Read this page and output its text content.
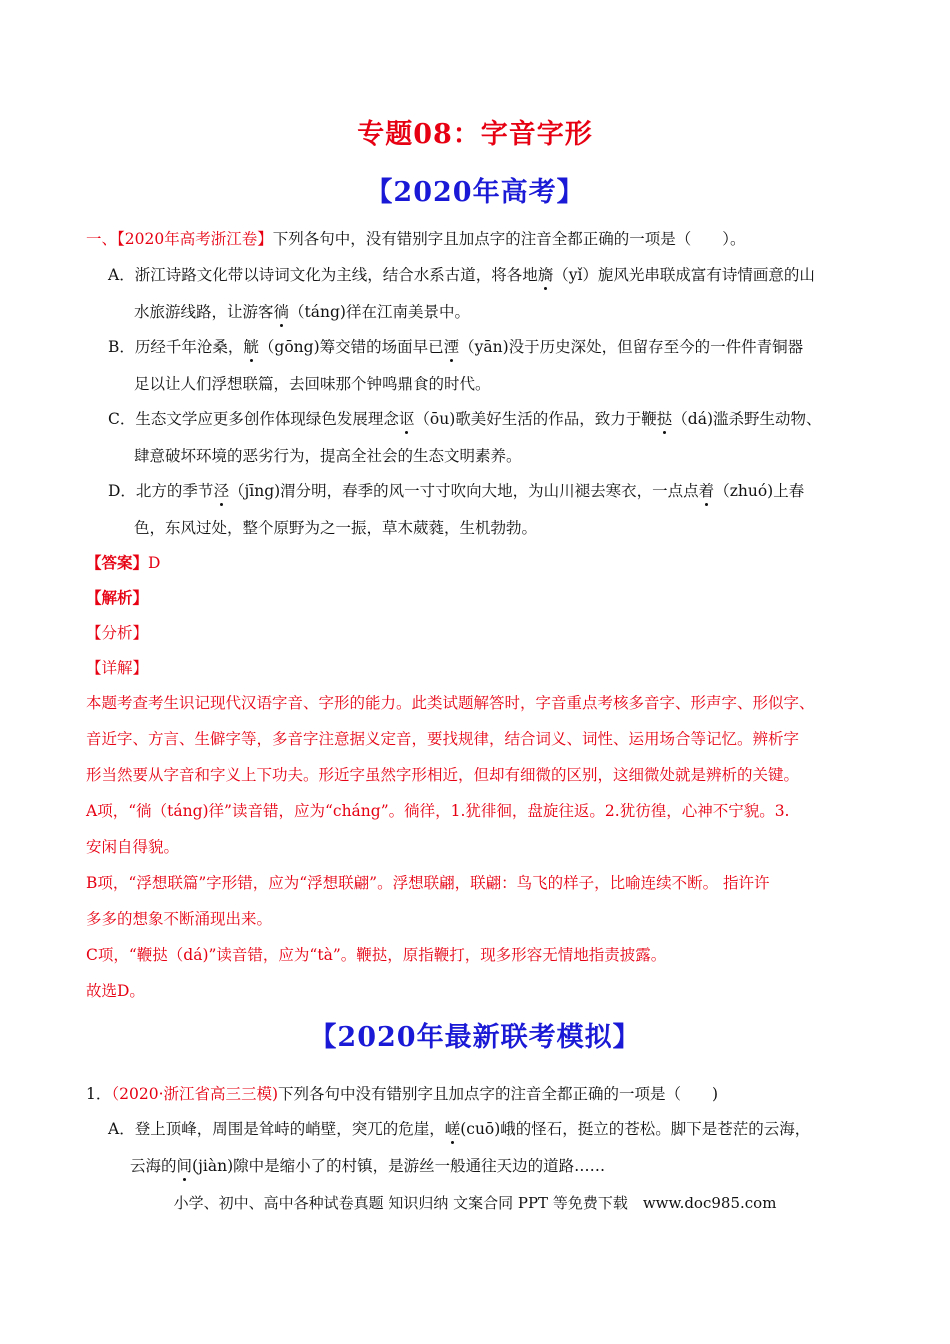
专题08：字音字形
【2020年高考】
一、【2020年高考浙江卷】下列各句中，没有错别字且加点字的注音全都正确的一项是（　　）。
A．浙江诗路文化带以诗词文化为主线，结合水系古道，将各地旖（yǐ）旎风光串联成富有诗情画意的山
水旅游线路，让游客徜（táng)徉在江南美景中。
B．历经千年沧桑，觥（gōng)筹交错的场面早已湮（yān)没于历史深处，但留存至今的一件件青铜器
足以让人们浮想联篇，去回味那个钟鸣鼎食的时代。
C．生态文学应更多创作体现绿色发展理念讴（ōu)歌美好生活的作品，致力于鞭挞（dá)滥杀野生动物、
肆意破坏环境的恶劣行为，提高全社会的生态文明素养。
D．北方的季节泾（jīng)渭分明，春季的风一寸寸吹向大地，为山川褪去寒衣，一点点着（zhuó)上春
色，东风过处，整个原野为之一振，草木葳蕤，生机勃勃。
【答案】D
【解析】
【分析】
【详解】
本题考查考生识记现代汉语字音、字形的能力。此类试题解答时，字音重点考核多音字、形声字、形似字、
音近字、方言、生僻字等，多音字注意据义定音，要找规律，结合词义、词性、运用场合等记忆。辨析字
形当然要从字音和字义上下功夫。形近字虽然字形相近，但却有细微的区别，这细微处就是辨析的关键。
A项，“徜（táng)徉”读音错，应为“cháng”。徜徉，1.犹徘徊，盘旋往返。2.犹彷徨，心神不宁貌。3.
安闲自得貌。
B项，“浮想联篇”字形错，应为“浮想联翩”。浮想联翩，联翩：鸟飞的样子，比喻连续不断。 指许许
多多的想象不断涌现出来。
C项，“鞭挞（dá)”读音错，应为“tà”。鞭挞，原指鞭打，现多形容无情地指责披露。
故选D。
【2020年最新联考模拟】
1．（2020·浙江省高三三模)下列各句中没有错别字且加点字的注音全都正确的一项是（　　)
A．登上顶峰，周围是耸峙的峭壁，突兀的危崖，嵯(cuō)峨的怪石，挺立的苍松。脚下是苍茫的云海，
云海的间(jiàn)隙中是缩小了的村镇，是游丝一般通往天边的道路……
小学、初中、高中各种试卷真题 知识归纳 文案合同 PPT 等免费下载　www.doc985.com
